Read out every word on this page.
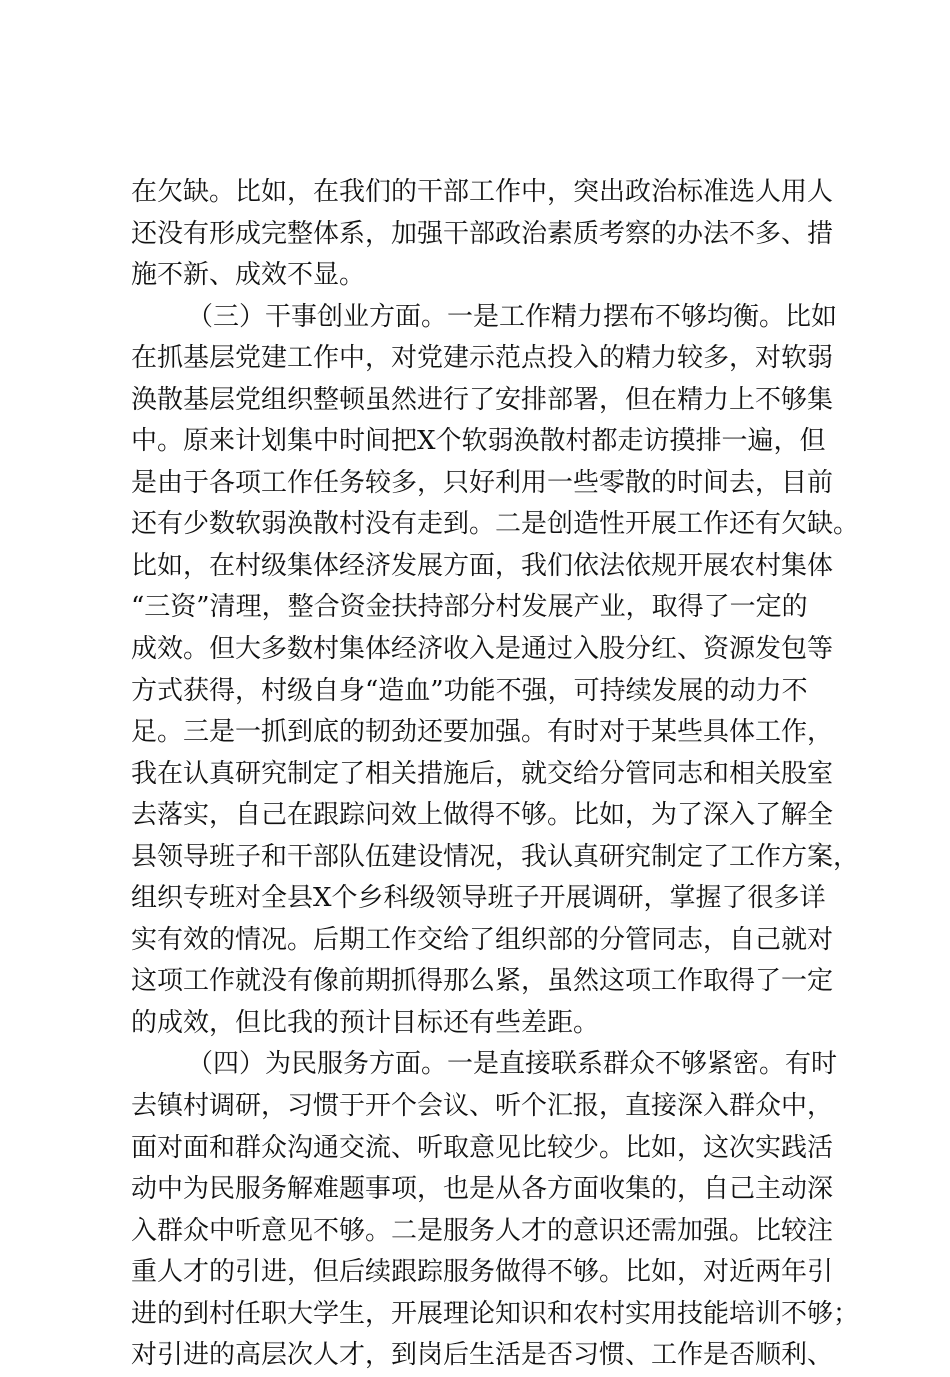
在欠缺。比如，在我们的干部工作中，突出政治标准选人用人
还没有形成完整体系，加强干部政治素质考察的办法不多、措
施不新、成效不显。
（三）干事创业方面。一是工作精力摆布不够均衡。比如
在抓基层党建工作中，对党建示范点投入的精力较多，对软弱
涣散基层党组织整顿虽然进行了安排部署，但在精力上不够集
中。原来计划集中时间把X个软弱涣散村都走访摸排一遍，但
是由于各项工作任务较多，只好利用一些零散的时间去，目前
还有少数软弱涣散村没有走到。二是创造性开展工作还有欠缺。
比如，在村级集体经济发展方面，我们依法依规开展农村集体
“三资”清理，整合资金扶持部分村发展产业，取得了一定的
成效。但大多数村集体经济收入是通过入股分红、资源发包等
方式获得，村级自身“造血”功能不强，可持续发展的动力不
足。三是一抓到底的韧劲还要加强。有时对于某些具体工作，
我在认真研究制定了相关措施后，就交给分管同志和相关股室
去落实，自己在跟踪问效上做得不够。比如，为了深入了解全
县领导班子和干部队伍建设情况，我认真研究制定了工作方案，
组织专班对全县X个乡科级领导班子开展调研，掌握了很多详
实有效的情况。后期工作交给了组织部的分管同志，自己就对
这项工作就没有像前期抓得那么紧，虽然这项工作取得了一定
的成效，但比我的预计目标还有些差距。
（四）为民服务方面。一是直接联系群众不够紧密。有时
去镇村调研，习惯于开个会议、听个汇报，直接深入群众中，
面对面和群众沟通交流、听取意见比较少。比如，这次实践活
动中为民服务解难题事项，也是从各方面收集的，自己主动深
入群众中听意见不够。二是服务人才的意识还需加强。比较注
重人才的引进，但后续跟踪服务做得不够。比如，对近两年引
进的到村任职大学生，开展理论知识和农村实用技能培训不够；
对引进的高层次人才，到岗后生活是否习惯、工作是否顺利、
